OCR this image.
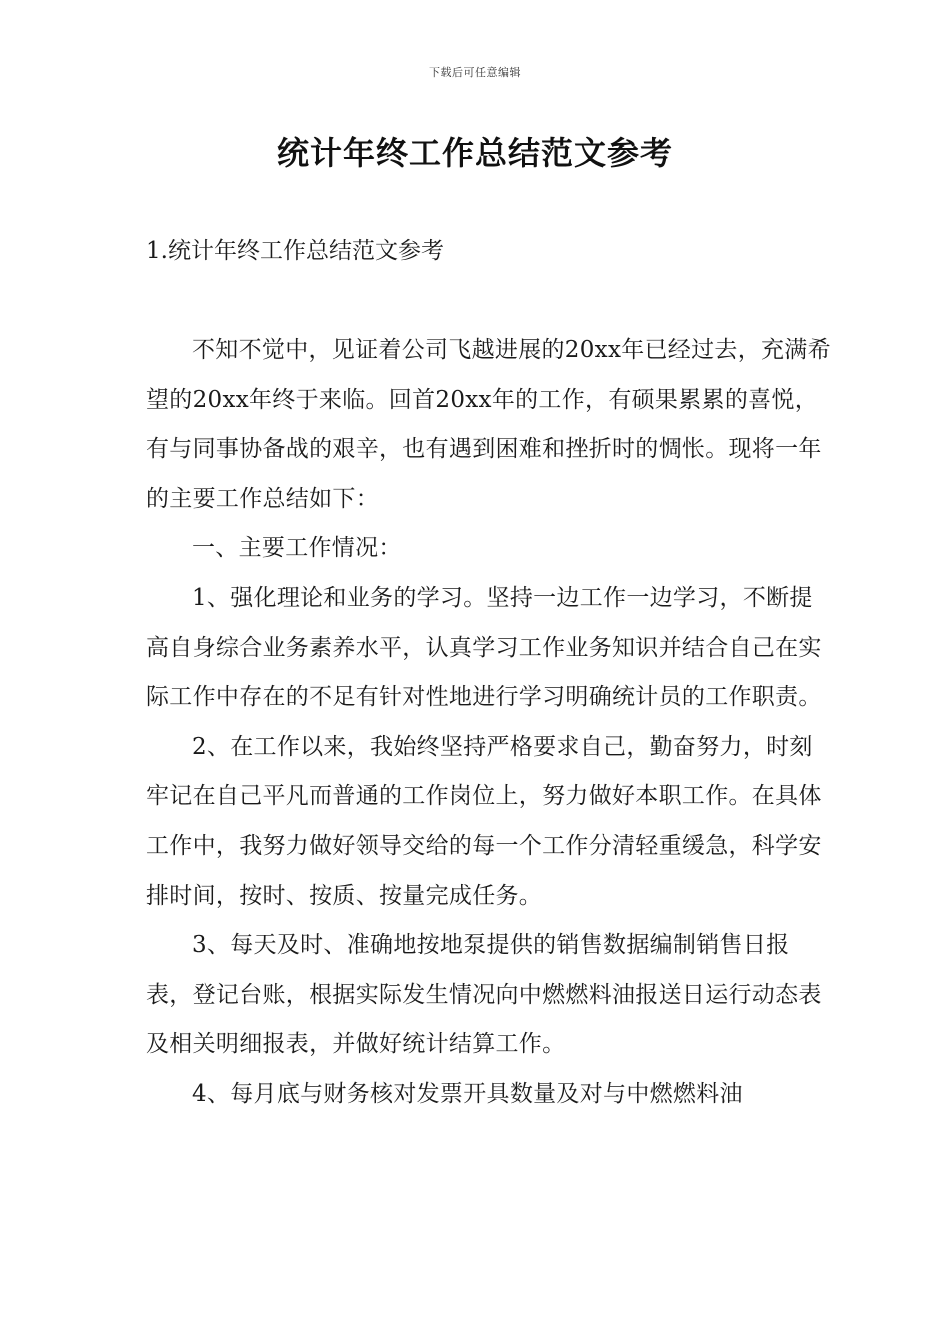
下载后可任意编辑
统计年终工作总结范文参考

1.统计年终工作总结范文参考

不知不觉中，见证着公司飞越进展的20xx年已经过去，充满希望的20xx年终于来临。回首20xx年的工作，有硕果累累的喜悦，有与同事协备战的艰辛，也有遇到困难和挫折时的惆怅。现将一年的主要工作总结如下：

一、主要工作情况：

1、强化理论和业务的学习。坚持一边工作一边学习，不断提高自身综合业务素养水平，认真学习工作业务知识并结合自己在实际工作中存在的不足有针对性地进行学习明确统计员的工作职责。

2、在工作以来，我始终坚持严格要求自己，勤奋努力，时刻牢记在自己平凡而普通的工作岗位上，努力做好本职工作。在具体工作中，我努力做好领导交给的每一个工作分清轻重缓急，科学安排时间，按时、按质、按量完成任务。

3、每天及时、准确地按地泵提供的销售数据编制销售日报表，登记台账，根据实际发生情况向中燃燃料油报送日运行动态表及相关明细报表，并做好统计结算工作。

4、每月底与财务核对发票开具数量及对与中燃燃料油
